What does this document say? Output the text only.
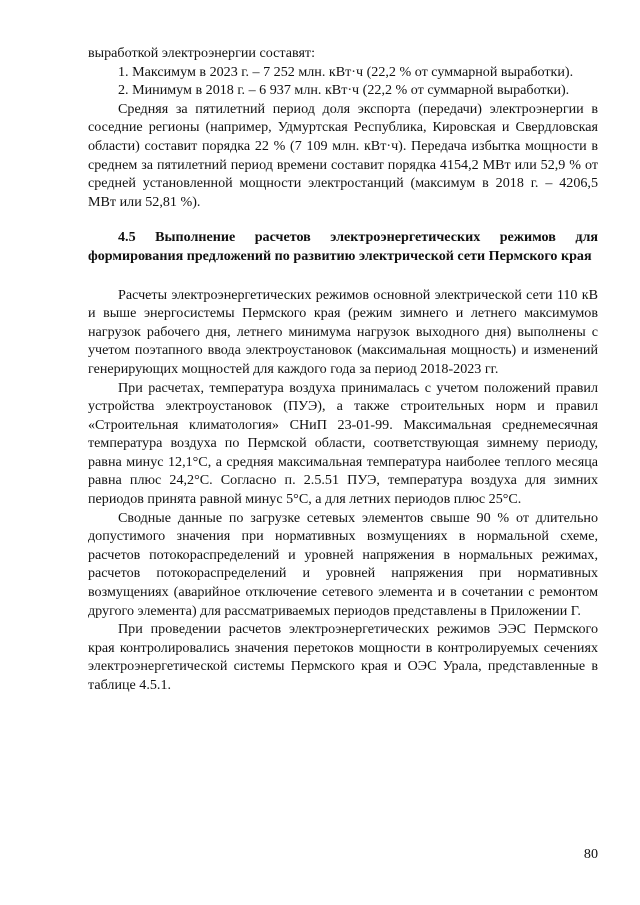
выработкой электроэнергии составят:

1. Максимум в 2023 г. – 7 252 млн. кВт·ч (22,2 % от суммарной выработки).
2. Минимум в 2018 г. – 6 937 млн. кВт·ч (22,2 % от суммарной выработки).

Средняя за пятилетний период доля экспорта (передачи) электроэнергии в соседние регионы (например, Удмуртская Республика, Кировская и Свердловская области) составит порядка 22 % (7 109 млн. кВт·ч). Передача избытка мощности в среднем за пятилетний период времени составит порядка 4154,2 МВт или 52,9 % от средней установленной мощности электростанций (максимум в 2018 г. – 4206,5 МВт или 52,81 %).

4.5 Выполнение расчетов электроэнергетических режимов для формирования предложений по развитию электрической сети Пермского края

Расчеты электроэнергетических режимов основной электрической сети 110 кВ и выше энергосистемы Пермского края (режим зимнего и летнего максимумов нагрузок рабочего дня, летнего минимума нагрузок выходного дня) выполнены с учетом поэтапного ввода электроустановок (максимальная мощность) и изменений генерирующих мощностей для каждого года за период 2018-2023 гг.

При расчетах, температура воздуха принималась с учетом положений правил устройства электроустановок (ПУЭ), а также строительных норм и правил «Строительная климатология» СНиП 23-01-99. Максимальная среднемесячная температура воздуха по Пермской области, соответствующая зимнему периоду, равна минус 12,1°С, а средняя максимальная температура наиболее теплого месяца равна плюс 24,2°С. Согласно п. 2.5.51 ПУЭ, температура воздуха для зимних периодов принята равной минус 5°С, а для летних периодов плюс 25°С.

Сводные данные по загрузке сетевых элементов свыше 90 % от длительно допустимого значения при нормативных возмущениях в нормальной схеме, расчетов потокораспределений и уровней напряжения в нормальных режимах, расчетов потокораспределений и уровней напряжения при нормативных возмущениях (аварийное отключение сетевого элемента и в сочетании с ремонтом другого элемента) для рассматриваемых периодов представлены в Приложении Г.

При проведении расчетов электроэнергетических режимов ЭЭС Пермского края контролировались значения перетоков мощности в контролируемых сечениях электроэнергетической системы Пермского края и ОЭС Урала, представленные в таблице 4.5.1.

80
